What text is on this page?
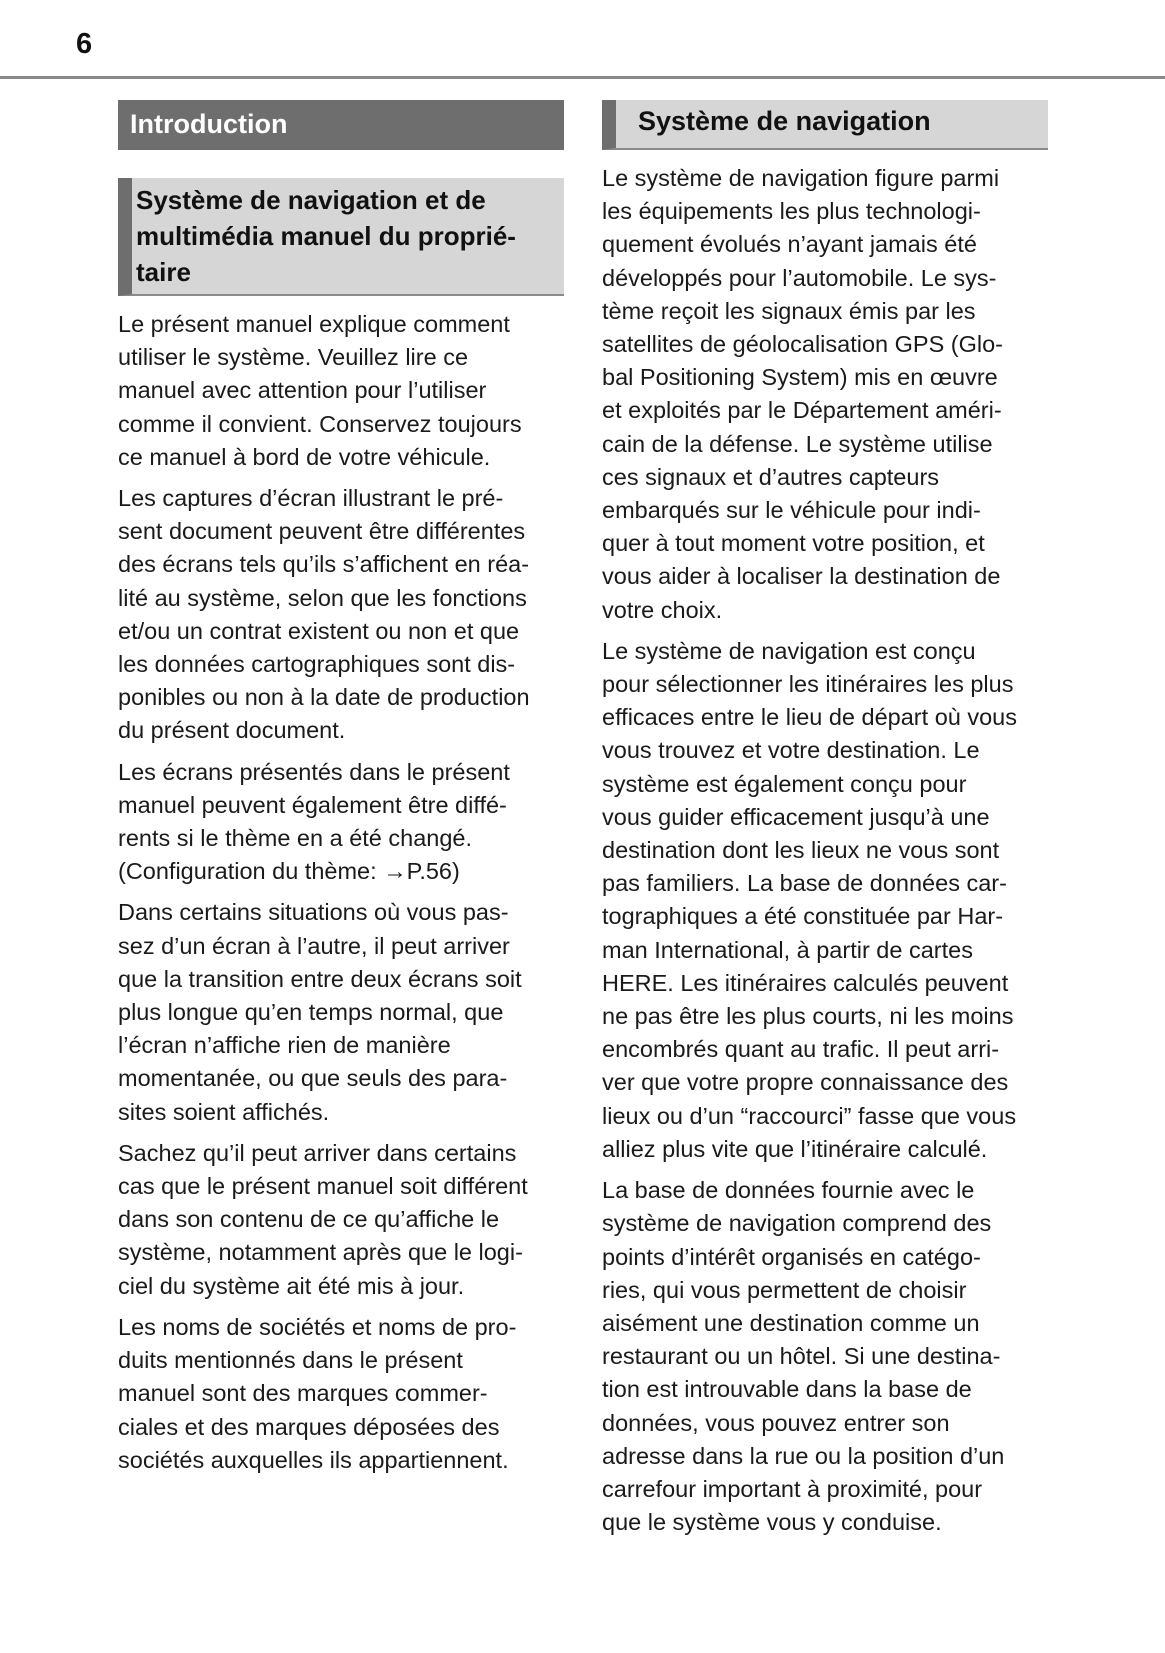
6
Introduction
Système de navigation et de
multimédia manuel du proprié-
taire
Le présent manuel explique comment
utiliser le système. Veuillez lire ce
manuel avec attention pour l’utiliser
comme il convient. Conservez toujours
ce manuel à bord de votre véhicule.
Les captures d’écran illustrant le pré-
sent document peuvent être différentes
des écrans tels qu’ils s’affichent en réa-
lité au système, selon que les fonctions
et/ou un contrat existent ou non et que
les données cartographiques sont dis-
ponibles ou non à la date de production
du présent document.
Les écrans présentés dans le présent
manuel peuvent également être diffé-
rents si le thème en a été changé.
(Configuration du thème: →P.56)
Dans certains situations où vous pas-
sez d’un écran à l’autre, il peut arriver
que la transition entre deux écrans soit
plus longue qu’en temps normal, que
l’écran n’affiche rien de manière
momentanée, ou que seuls des para-
sites soient affichés.
Sachez qu’il peut arriver dans certains
cas que le présent manuel soit différent
dans son contenu de ce qu’affiche le
système, notamment après que le logi-
ciel du système ait été mis à jour.
Les noms de sociétés et noms de pro-
duits mentionnés dans le présent
manuel sont des marques commer-
ciales et des marques déposées des
sociétés auxquelles ils appartiennent.
Système de navigation
Le système de navigation figure parmi
les équipements les plus technologi-
quement évolués n’ayant jamais été
développés pour l’automobile. Le sys-
tème reçoit les signaux émis par les
satellites de géolocalisation GPS (Glo-
bal Positioning System) mis en œuvre
et exploités par le Département améri-
cain de la défense. Le système utilise
ces signaux et d’autres capteurs
embarqués sur le véhicule pour indi-
quer à tout moment votre position, et
vous aider à localiser la destination de
votre choix.
Le système de navigation est conçu
pour sélectionner les itinéraires les plus
efficaces entre le lieu de départ où vous
vous trouvez et votre destination. Le
système est également conçu pour
vous guider efficacement jusqu’à une
destination dont les lieux ne vous sont
pas familiers. La base de données car-
tographiques a été constituée par Har-
man International, à partir de cartes
HERE. Les itinéraires calculés peuvent
ne pas être les plus courts, ni les moins
encombrés quant au trafic. Il peut arri-
ver que votre propre connaissance des
lieux ou d’un “raccourci” fasse que vous
alliez plus vite que l’itinéraire calculé.
La base de données fournie avec le
système de navigation comprend des
points d’intérêt organisés en catégo-
ries, qui vous permettent de choisir
aisément une destination comme un
restaurant ou un hôtel. Si une destina-
tion est introuvable dans la base de
données, vous pouvez entrer son
adresse dans la rue ou la position d’un
carrefour important à proximité, pour
que le système vous y conduise.
